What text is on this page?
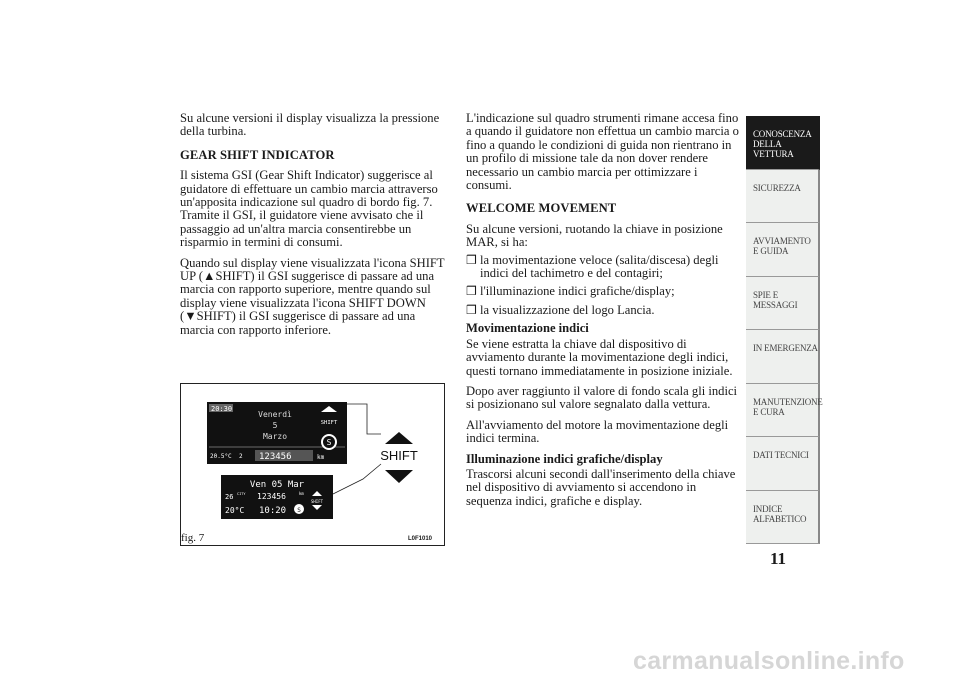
Su alcune versioni il display visualizza la pressione della turbina.

GEAR SHIFT INDICATOR

Il sistema GSI (Gear Shift Indicator) suggerisce al guidatore di effettuare un cambio marcia attraverso un'apposita indicazione sul quadro di bordo fig. 7. Tramite il GSI, il guidatore viene avvisato che il passaggio ad un'altra marcia consentirebbe un risparmio in termini di consumi.

Quando sul display viene visualizzata l'icona SHIFT UP (▲SHIFT) il GSI suggerisce di passare ad una marcia con rapporto superiore, mentre quando sul display viene visualizzata l'icona SHIFT DOWN (▼SHIFT) il GSI suggerisce di passare ad una marcia con rapporto inferiore.

L'indicazione sul quadro strumenti rimane accesa fino a quando il guidatore non effettua un cambio marcia o fino a quando le condizioni di guida non rientrano in un profilo di missione tale da non dover rendere necessario un cambio marcia per ottimizzare i consumi.

WELCOME MOVEMENT

Su alcune versioni, ruotando la chiave in posizione MAR, si ha:

❒ la movimentazione veloce (salita/discesa) degli indici del tachimetro e del contagiri;
❒ l'illuminazione indici grafiche/display;
❒ la visualizzazione del logo Lancia.
Movimentazione indici

Se viene estratta la chiave dal dispositivo di avviamento durante la movimentazione degli indici, questi tornano immediatamente in posizione iniziale.

Dopo aver raggiunto il valore di fondo scala gli indici si posizionano sul valore segnalato dalla vettura.

All'avviamento del motore la movimentazione degli indici termina.

Illuminazione indici grafiche/display

Trascorsi alcuni secondi dall'inserimento della chiave nel dispositivo di avviamento si accendono in sequenza indici, grafiche e display.

20:30
Venerdì
5
Marzo
20.5°C 2 123456	km
SHIFT
S
Ven 05 Mar
26 CITY 123456	km
20°C 10:20 S
SHIFT
SHIFT
fig. 7	L0F1010
CONOSCENZA DELLA VETTURA
SICUREZZA
AVVIAMENTO E GUIDA
SPIE E MESSAGGI
IN EMERGENZA
MANUTENZIONE E CURA
DATI TECNICI
INDICE ALFABETICO
11
carmanualsonline.info
